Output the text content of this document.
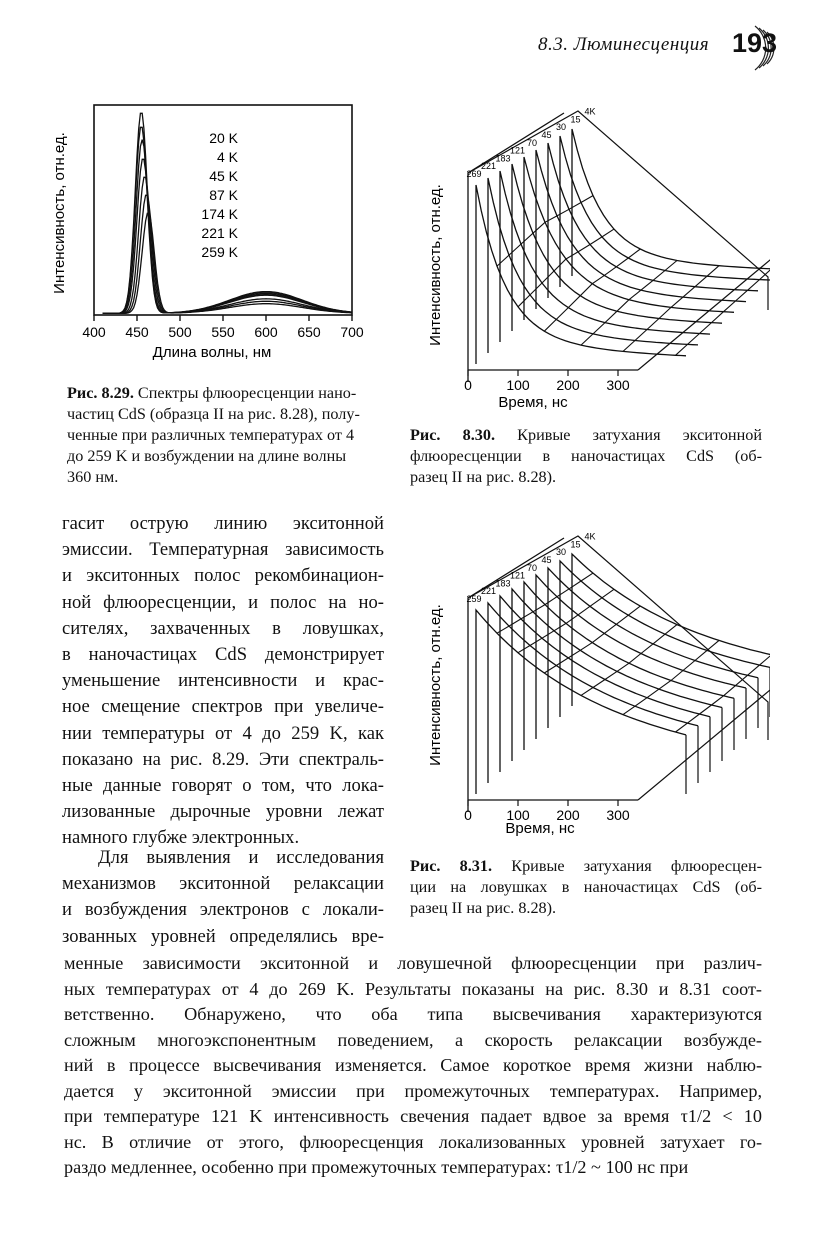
8.3. Люминесценция 193
Интенсивность, отн.ед.
400 450 500 550 600 650 700
20 K
4 K
45 K
87 K
174 K
221 K
259 K
Длина волны, нм
Рис. 8.29. Спектры флюоресценции нано-
частиц CdS (образца II на рис. 8.28), полу-
ченные при различных температурах от 4
до 259 K и возбуждении на длине волны
360 нм.
Интенсивность, отн.ед.
0 100 200 300
269
221
183
121
70
45
30
15
4K
Время, нс
Рис. 8.30. Кривые затухания экситонной
флюоресценции в наночастицах CdS (об-
разец II на рис. 8.28).
Интенсивность, отн.ед.
0 100 200 300
259
221
183
121
70
45
30
15
4K
Время, нс
Рис. 8.31. Кривые затухания флюоресцен-
ции на ловушках в наночастицах CdS (об-
разец II на рис. 8.28).
гасит острую линию экситонной
эмиссии. Температурная зависимость
и экситонных полос рекомбинацион-
ной флюоресценции, и полос на но-
сителях, захваченных в ловушках,
в наночастицах CdS демонстрирует
уменьшение интенсивности и крас-
ное смещение спектров при увеличе-
нии температуры от 4 до 259 K, как
показано на рис. 8.29. Эти спектраль-
ные данные говорят о том, что лока-
лизованные дырочные уровни лежат
намного глубже электронных.
Для выявления и исследования
механизмов экситонной релаксации
и возбуждения электронов с локали-
зованных уровней определялись вре-
менные зависимости экситонной и ловушечной флюоресценции при различ-
ных температурах от 4 до 269 K. Результаты показаны на рис. 8.30 и 8.31 соот-
ветственно. Обнаружено, что оба типа высвечивания характеризуются
сложным многоэкспонентным поведением, а скорость релаксации возбужде-
ний в процессе высвечивания изменяется. Самое короткое время жизни наблю-
дается у экситонной эмиссии при промежуточных температурах. Например,
при температуре 121 K интенсивность свечения падает вдвое за время τ1/2 < 10
нс. В отличие от этого, флюоресценция локализованных уровней затухает го-
раздо медленнее, особенно при промежуточных температурах: τ1/2 ~ 100 нс при
